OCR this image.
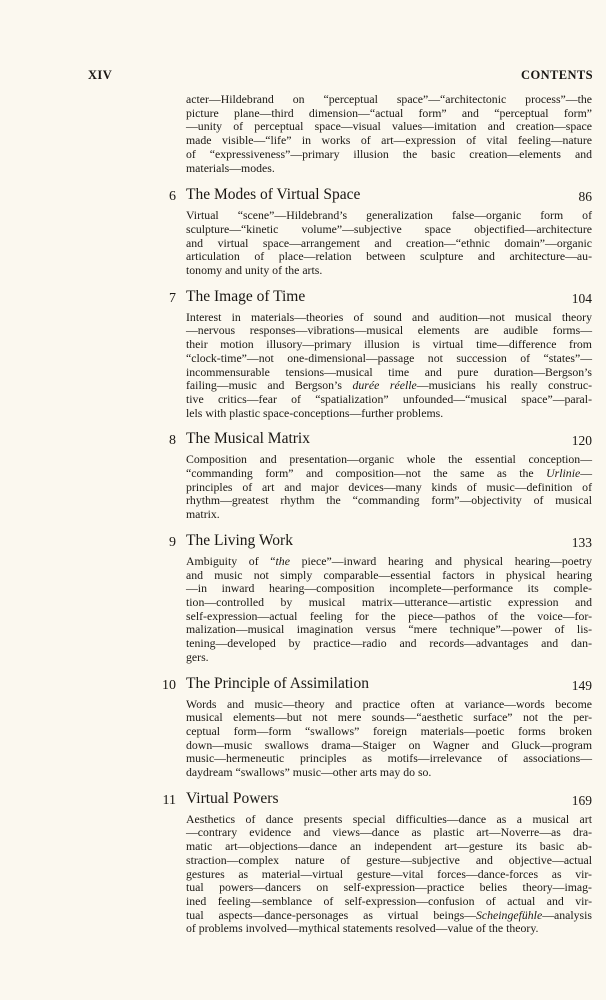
XIV	CONTENTS

acter—Hildebrand on “perceptual space”—“architectonic process”—the
picture plane—third dimension—“actual form” and “perceptual form”
—unity of perceptual space—visual values—imitation and creation—space
made visible—“life” in works of art—expression of vital feeling—nature
of “expressiveness”—primary illusion the basic creation—elements and
materials—modes.

6 The Modes of Virtual Space	86

Virtual “scene”—Hildebrand’s generalization false—organic form of
sculpture—“kinetic volume”—subjective space objectified—architecture
and virtual space—arrangement and creation—“ethnic domain”—organic
articulation of place—relation between sculpture and architecture—au-
tonomy and unity of the arts.

7 The Image of Time	104

Interest in materials—theories of sound and audition—not musical theory
—nervous responses—vibrations—musical elements are audible forms—
their motion illusory—primary illusion is virtual time—difference from
“clock-time”—not one-dimensional—passage not succession of “states”—
incommensurable tensions—musical time and pure duration—Bergson’s
failing—music and Bergson’s durée réelle—musicians his really construc-
tive critics—fear of “spatialization” unfounded—“musical space”—paral-
lels with plastic space-conceptions—further problems.

8 The Musical Matrix	120

Composition and presentation—organic whole the essential conception—
“commanding form” and composition—not the same as the Urlinie—
principles of art and major devices—many kinds of music—definition of
rhythm—greatest rhythm the “commanding form”—objectivity of musical
matrix.

9 The Living Work	133

Ambiguity of “the piece”—inward hearing and physical hearing—poetry
and music not simply comparable—essential factors in physical hearing
—in inward hearing—composition incomplete—performance its comple-
tion—controlled by musical matrix—utterance—artistic expression and
self-expression—actual feeling for the piece—pathos of the voice—for-
malization—musical imagination versus “mere technique”—power of lis-
tening—developed by practice—radio and records—advantages and dan-
gers.

10 The Principle of Assimilation	149

Words and music—theory and practice often at variance—words become
musical elements—but not mere sounds—“aesthetic surface” not the per-
ceptual form—form “swallows” foreign materials—poetic forms broken
down—music swallows drama—Staiger on Wagner and Gluck—program
music—hermeneutic principles as motifs—irrelevance of associations—
daydream “swallows” music—other arts may do so.

11 Virtual Powers	169

Aesthetics of dance presents special difficulties—dance as a musical art
—contrary evidence and views—dance as plastic art—Noverre—as dra-
matic art—objections—dance an independent art—gesture its basic ab-
straction—complex nature of gesture—subjective and objective—actual
gestures as material—virtual gesture—vital forces—dance-forces as vir-
tual powers—dancers on self-expression—practice belies theory—imag-
ined feeling—semblance of self-expression—confusion of actual and vir-
tual aspects—dance-personages as virtual beings—Scheingefühle—analysis
of problems involved—mythical statements resolved—value of the theory.
